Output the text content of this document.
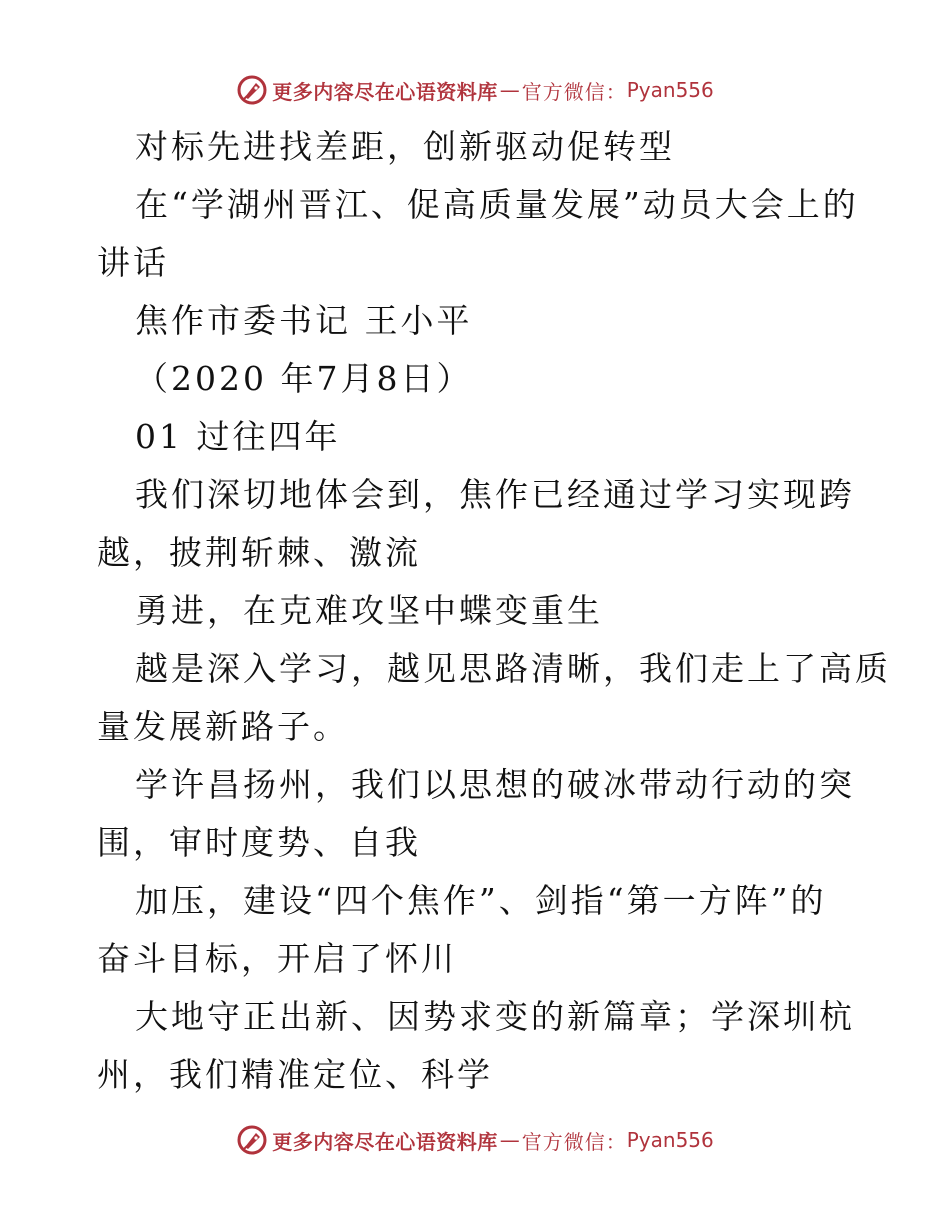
更多内容尽在心语资料库 — 官方微信： Pyan556
对标先进找差距，创新驱动促转型
在“学湖州晋江、促高质量发展”动员大会上的
讲话
焦作市委书记 王小平
（2020 年7月8日）
01 过往四年
我们深切地体会到，焦作已经通过学习实现跨
越，披荆斩棘、激流
勇进，在克难攻坚中蝶变重生
越是深入学习，越见思路清晰，我们走上了高质
量发展新路子。
学许昌扬州，我们以思想的破冰带动行动的突
围，审时度势、自我
加压，建设“四个焦作”、剑指“第一方阵”的
奋斗目标，开启了怀川
大地守正出新、因势求变的新篇章；学深圳杭
州，我们精准定位、科学
更多内容尽在心语资料库 — 官方微信： Pyan556
